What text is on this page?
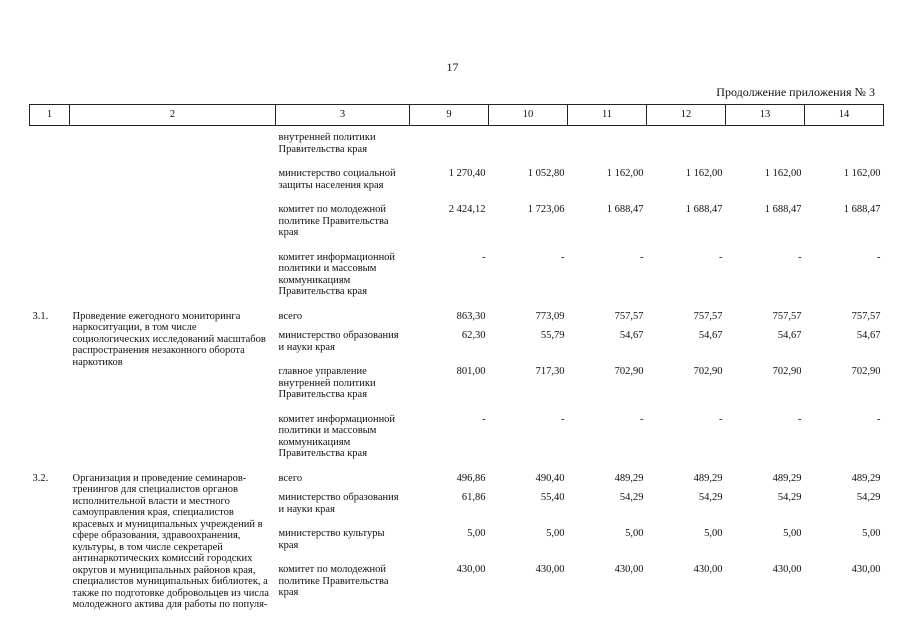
17
Продолжение приложения № 3
1	2	3	9	10	11	12	13	14
		внутренней политики Правительства края						
		министерство социальной защиты населения края	1 270,40	1 052,80	1 162,00	1 162,00	1 162,00	1 162,00
		комитет по молодежной политике Правительства края	2 424,12	1 723,06	1 688,47	1 688,47	1 688,47	1 688,47
		комитет информационной политики и массовым коммуникациям Правительства края	-	-	-	-	-	-
3.1.	Проведение ежегодного мониторинга наркоситуации, в том числе социологических исследований масштабов распространения незаконного оборота наркотиков	всего	863,30	773,09	757,57	757,57	757,57	757,57
		министерство образования и науки края	62,30	55,79	54,67	54,67	54,67	54,67
		главное управление внутренней политики Правительства края	801,00	717,30	702,90	702,90	702,90	702,90
		комитет информационной политики и массовым коммуникациям Правительства края	-	-	-	-	-	-
3.2.	Организация и проведение семинаров-тренингов для специалистов органов исполнительной власти и местного самоуправления края, специалистов красевых и муниципальных учреждений в сфере образования, здравоохранения, культуры, в том числе секретарей антинаркотических комиссий городских округов и муниципальных районов края, специалистов муниципальных библиотек, а также по подготовке добровольцев из числа молодежного актива для работы по популя-	всего	496,86	490,40	489,29	489,29	489,29	489,29
		министерство образования и науки края	61,86	55,40	54,29	54,29	54,29	54,29
		министерство культуры края	5,00	5,00	5,00	5,00	5,00	5,00
		комитет по молодежной политике Правительства края	430,00	430,00	430,00	430,00	430,00	430,00
